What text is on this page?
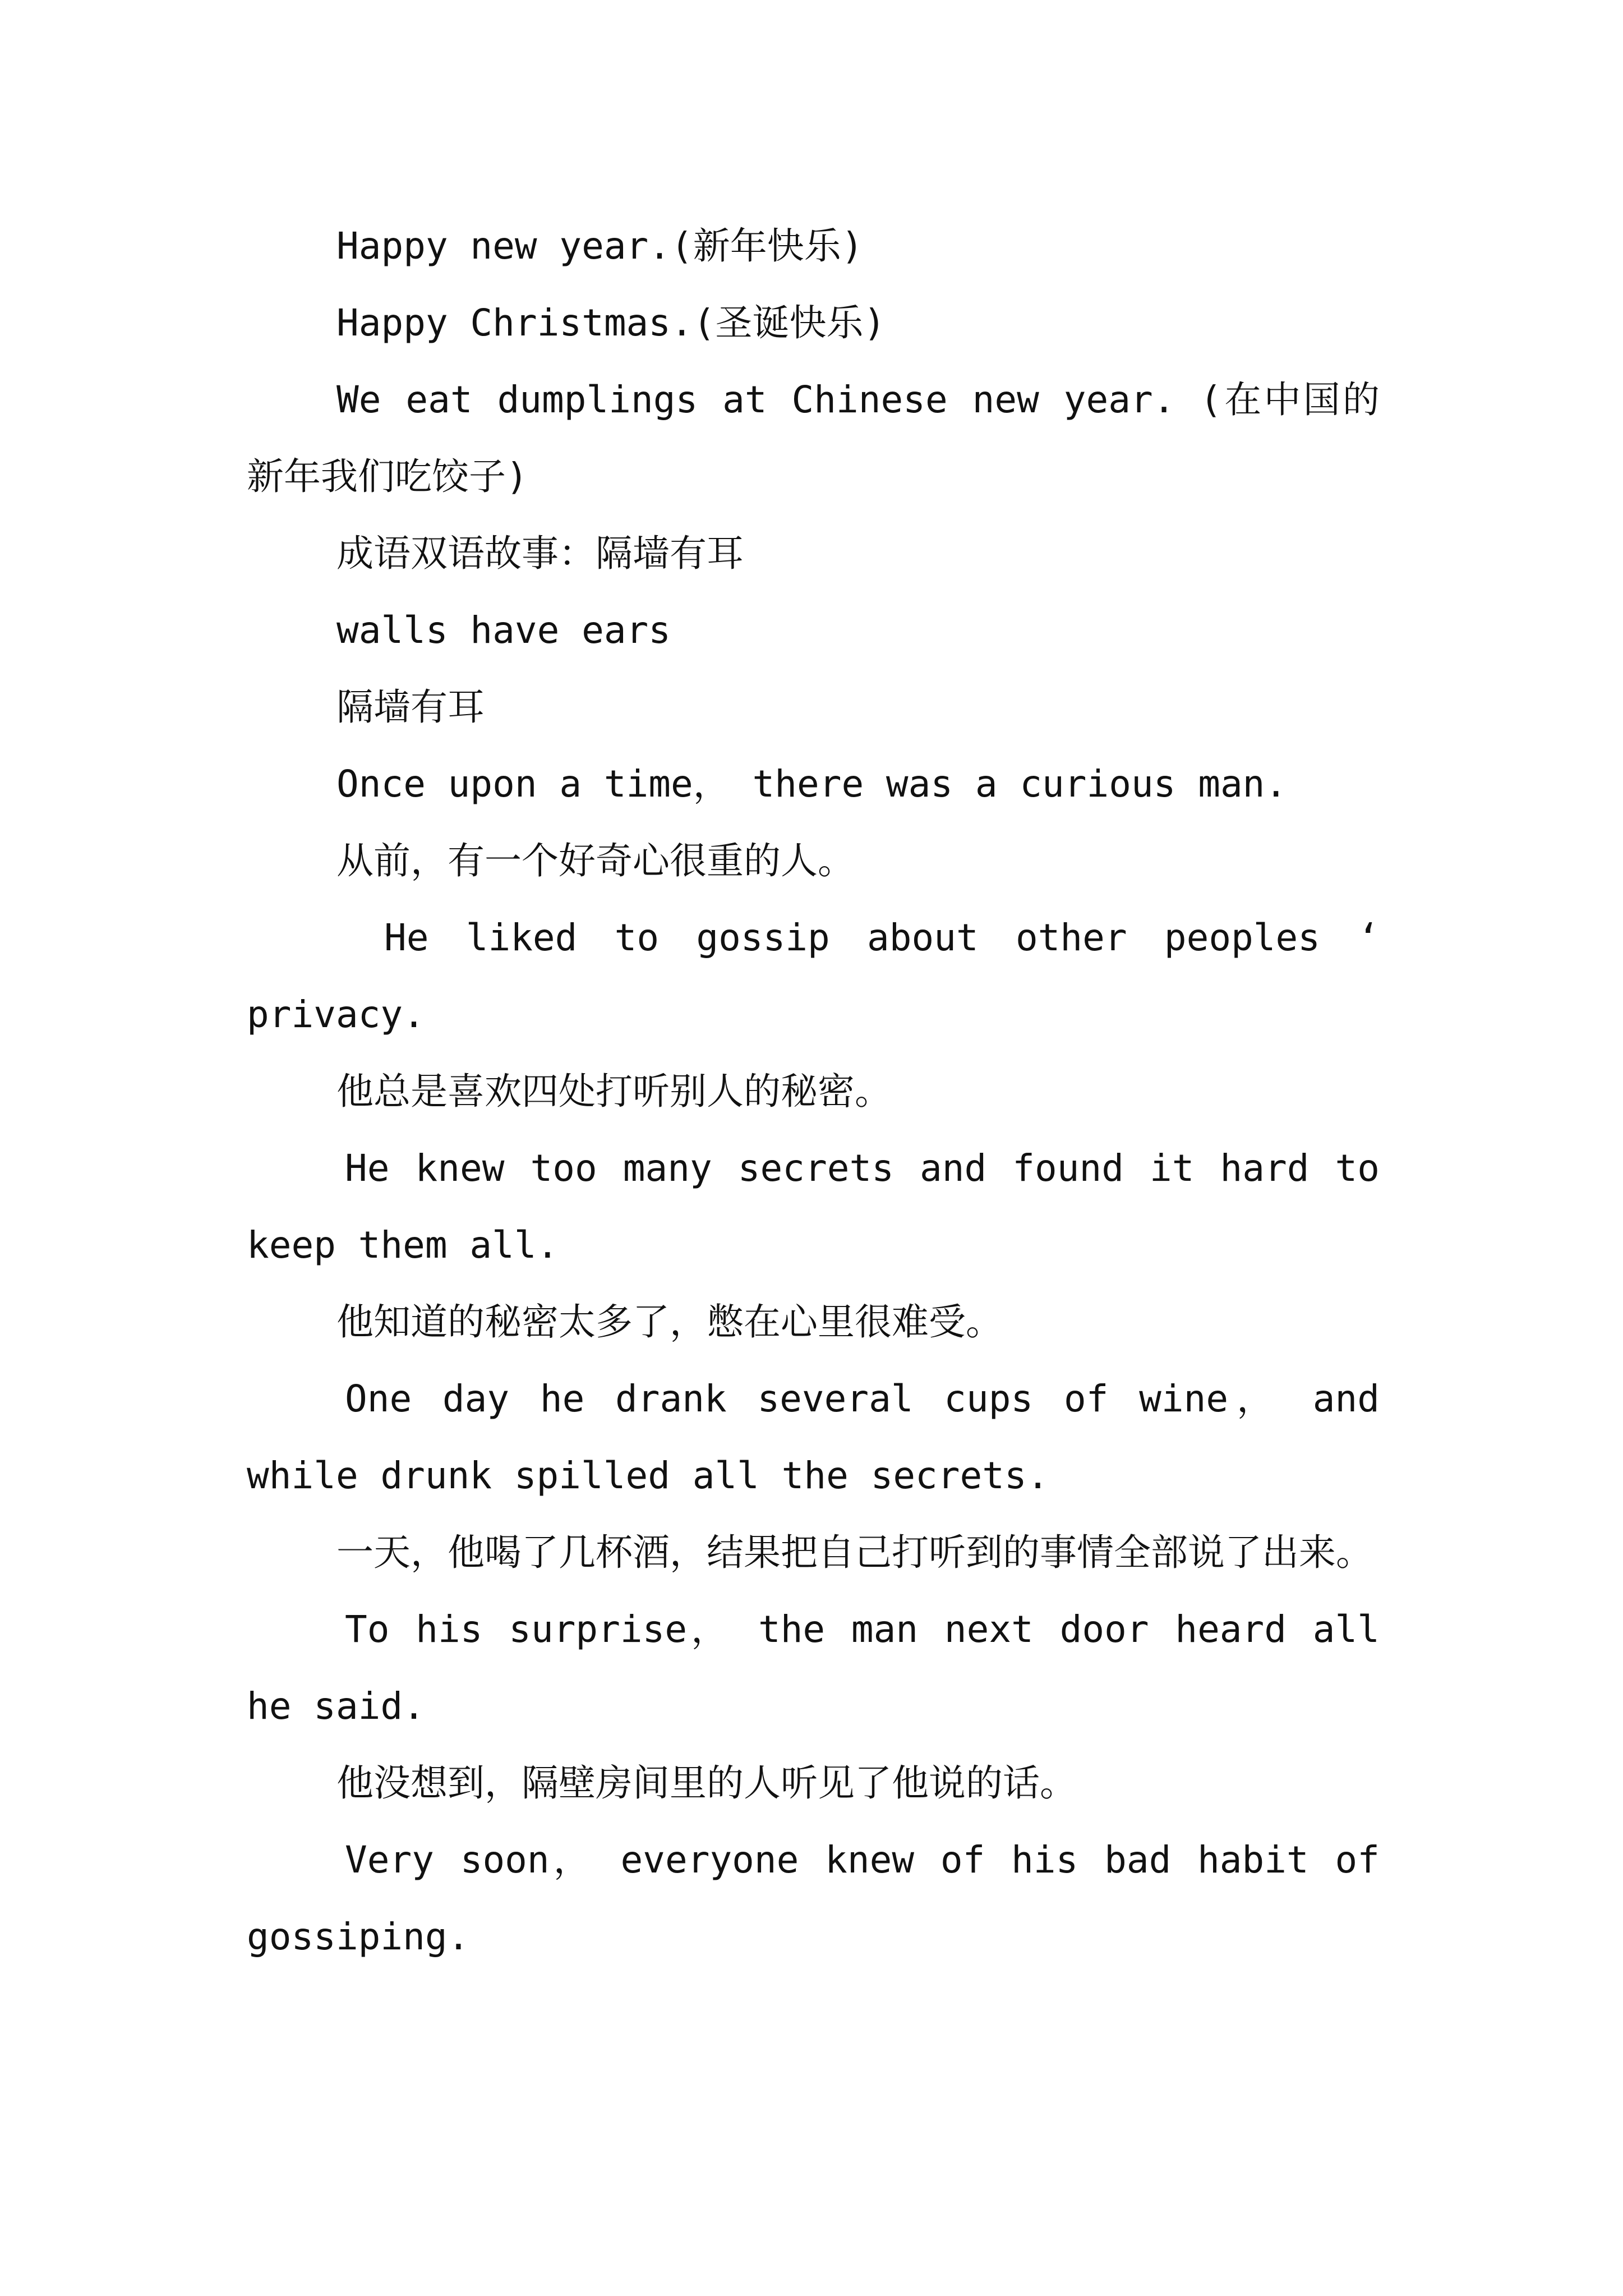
Happy new year.(新年快乐)

Happy Christmas.(圣诞快乐)

We eat dumplings at Chinese new year. (在中国的新年我们吃饺子)

成语双语故事：隔墙有耳

walls have ears

隔墙有耳

Once upon a time， there was a curious man.

从前，有一个好奇心很重的人。

He liked to gossip about other peoples ‘ privacy.

他总是喜欢四处打听别人的秘密。

He knew too many secrets and found it hard to keep them all.

他知道的秘密太多了，憋在心里很难受。

One day he drank several cups of wine， and while drunk spilled all the secrets.

一天，他喝了几杯酒，结果把自己打听到的事情全部说了出来。

To his surprise， the man next door heard all he said.

他没想到，隔壁房间里的人听见了他说的话。

Very soon， everyone knew of his bad habit of gossiping.
